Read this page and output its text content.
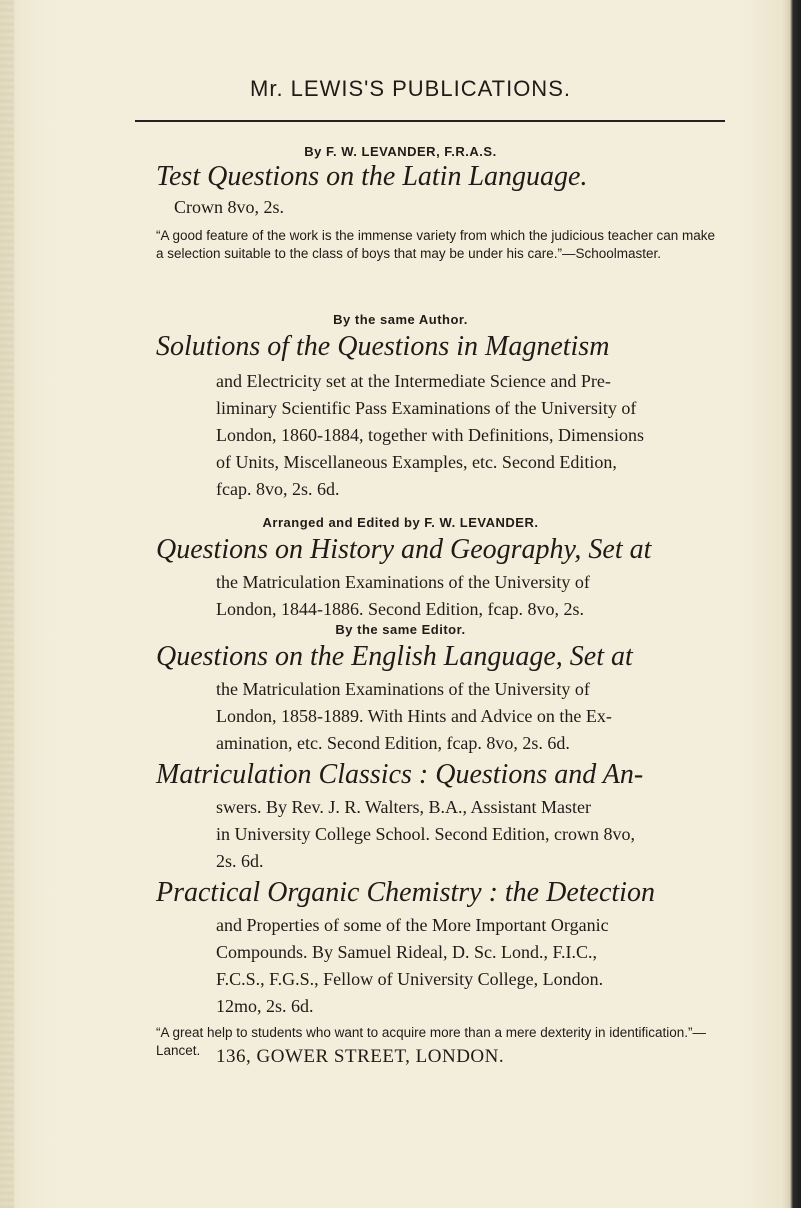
Mr. LEWIS'S PUBLICATIONS.
By F. W. LEVANDER, F.R.A.S.
Test Questions on the Latin Language.
Crown 8vo, 2s.
“A good feature of the work is the immense variety from which the judicious teacher can make a selection suitable to the class of boys that may be under his care.”—Schoolmaster.
By the same Author.
Solutions of the Questions in Magnetism
and Electricity set at the Intermediate Science and Pre-
liminary Scientific Pass Examinations of the University of
London, 1860-1884, together with Definitions, Dimensions
of Units, Miscellaneous Examples, etc. Second Edition,
fcap. 8vo, 2s. 6d.
Arranged and Edited by F. W. LEVANDER.
Questions on History and Geography, Set at
the Matriculation Examinations of the University of
London, 1844-1886. Second Edition, fcap. 8vo, 2s.
By the same Editor.
Questions on the English Language, Set at
the Matriculation Examinations of the University of
London, 1858-1889. With Hints and Advice on the Ex-
amination, etc. Second Edition, fcap. 8vo, 2s. 6d.
Matriculation Classics : Questions and An-
swers. By Rev. J. R. Walters, B.A., Assistant Master
in University College School. Second Edition, crown 8vo,
2s. 6d.
Practical Organic Chemistry : the Detection
and Properties of some of the More Important Organic
Compounds. By Samuel Rideal, D. Sc. Lond., F.I.C.,
F.C.S., F.G.S., Fellow of University College, London.
12mo, 2s. 6d.
“A great help to students who want to acquire more than a mere dexterity in identification.”—Lancet. 136, GOWER STREET, LONDON.
